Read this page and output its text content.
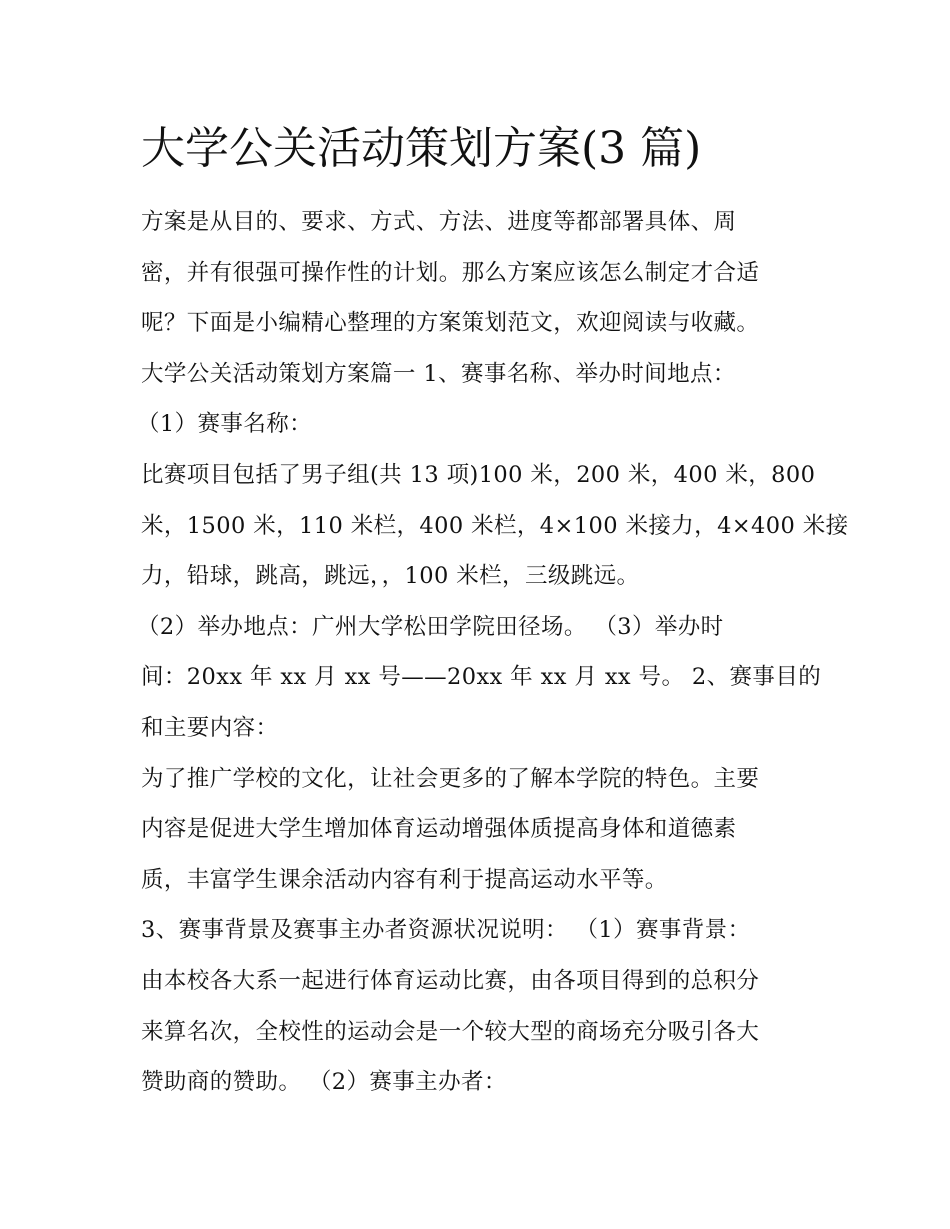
大学公关活动策划方案(3 篇)
方案是从目的、要求、方式、方法、进度等都部署具体、周
密，并有很强可操作性的计划。那么方案应该怎么制定才合适
呢？下面是小编精心整理的方案策划范文，欢迎阅读与收藏。
大学公关活动策划方案篇一 1、赛事名称、举办时间地点：
（1）赛事名称：
比赛项目包括了男子组(共 13 项)100 米，200 米，400 米，800
米，1500 米，110 米栏，400 米栏，4×100 米接力，4×400 米接
力，铅球，跳高，跳远，，100 米栏，三级跳远。
（2）举办地点：广州大学松田学院田径场。 （3）举办时
间：20xx 年 xx 月 xx 号——20xx 年 xx 月 xx 号。 2、赛事目的
和主要内容：
为了推广学校的文化，让社会更多的了解本学院的特色。主要
内容是促进大学生增加体育运动增强体质提高身体和道德素
质，丰富学生课余活动内容有利于提高运动水平等。
3、赛事背景及赛事主办者资源状况说明： （1）赛事背景：
由本校各大系一起进行体育运动比赛，由各项目得到的总积分
来算名次，全校性的运动会是一个较大型的商场充分吸引各大
赞助商的赞助。 （2）赛事主办者：
